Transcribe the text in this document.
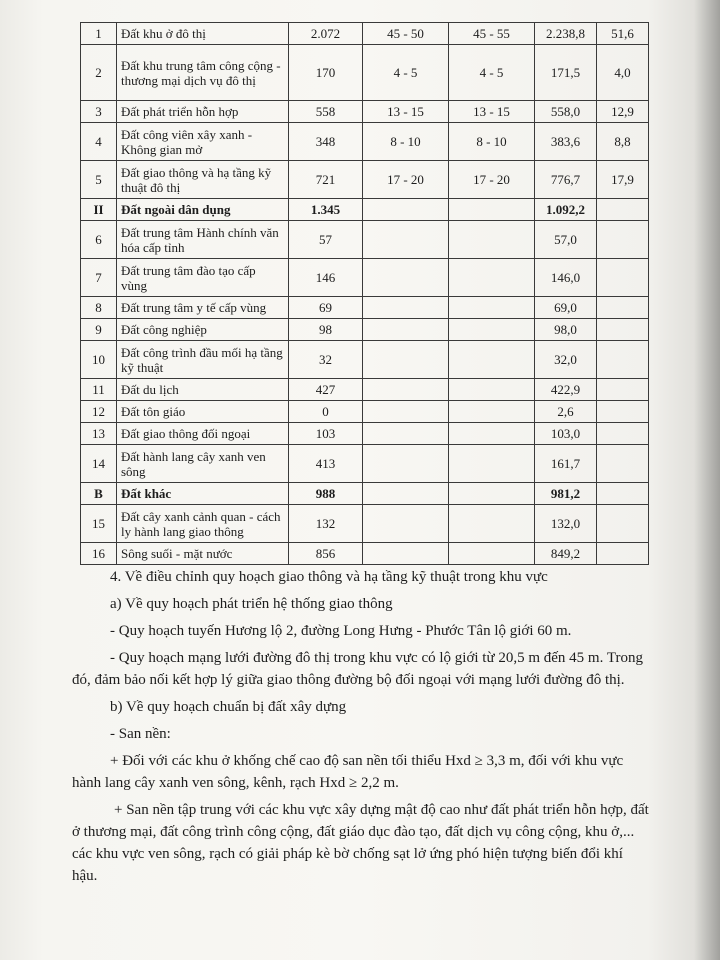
1	Đất khu ở đô thị	2.072	45 - 50	45 - 55	2.238,8	51,6
2	Đất khu trung tâm công cộng - thương mại dịch vụ đô thị	170	4 - 5	4 - 5	171,5	4,0
3	Đất phát triển hỗn hợp	558	13 - 15	13 - 15	558,0	12,9
4	Đất công viên xây xanh - Không gian mở	348	8 - 10	8 - 10	383,6	8,8
5	Đất giao thông và hạ tầng kỹ thuật đô thị	721	17 - 20	17 - 20	776,7	17,9
II	Đất ngoài dân dụng	1.345			1.092,2	
6	Đất trung tâm Hành chính văn hóa cấp tỉnh	57			57,0	
7	Đất trung tâm đào tạo cấp vùng	146			146,0	
8	Đất trung tâm y tế cấp vùng	69			69,0	
9	Đất công nghiệp	98			98,0	
10	Đất công trình đầu mối hạ tầng kỹ thuật	32			32,0	
11	Đất du lịch	427			422,9	
12	Đất tôn giáo	0			2,6	
13	Đất giao thông đối ngoại	103			103,0	
14	Đất hành lang cây xanh ven sông	413			161,7	
B	Đất khác	988			981,2	
15	Đất cây xanh cảnh quan - cách ly hành lang giao thông	132			132,0	
16	Sông suối - mặt nước	856			849,2	

4. Về điều chỉnh quy hoạch giao thông và hạ tầng kỹ thuật trong khu vực

a) Về quy hoạch phát triển hệ thống giao thông

- Quy hoạch tuyến Hương lộ 2, đường Long Hưng - Phước Tân lộ giới 60 m.

- Quy hoạch mạng lưới đường đô thị trong khu vực có lộ giới từ 20,5 m đến 45 m. Trong đó, đảm bảo nối kết hợp lý giữa giao thông đường bộ đối ngoại với mạng lưới đường đô thị.

b) Về quy hoạch chuẩn bị đất xây dựng

- San nền:

+ Đối với các khu ở khống chế cao độ san nền tối thiểu Hxd ≥ 3,3 m, đối với khu vực hành lang cây xanh ven sông, kênh, rạch Hxd ≥ 2,2 m.

+ San nền tập trung với các khu vực xây dựng mật độ cao như đất phát triển hỗn hợp, đất ở thương mại, đất công trình công cộng, đất giáo dục đào tạo, đất dịch vụ công cộng, khu ở,... các khu vực ven sông, rạch có giải pháp kè bờ chống sạt lở ứng phó hiện tượng biến đổi khí hậu.
